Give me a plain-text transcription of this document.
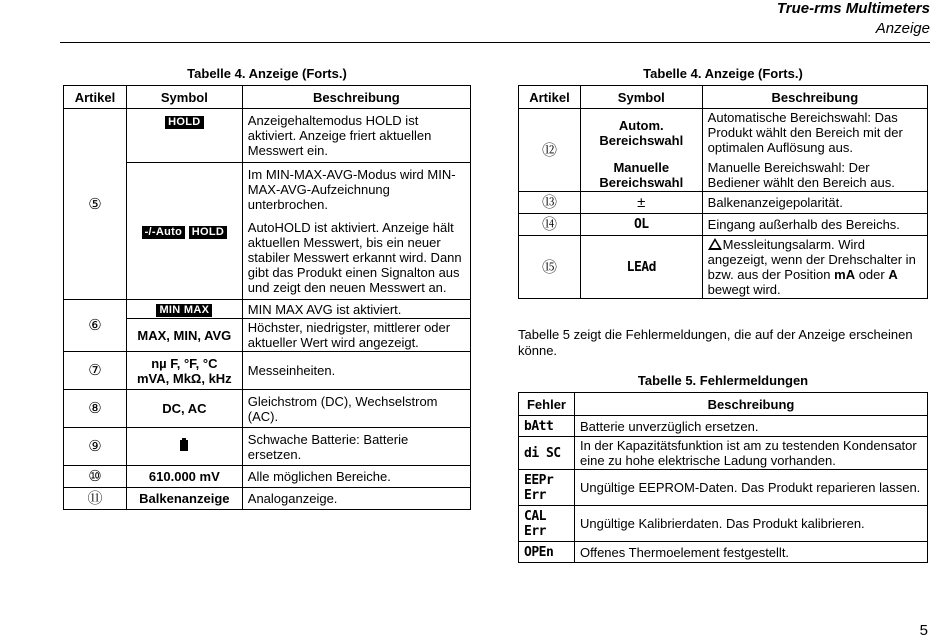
True-rms Multimeters
Anzeige
Tabelle 4. Anzeige (Forts.)
Artikel	Symbol	Beschreibung
⑤	HOLD	Anzeigehaltemodus HOLD ist aktiviert. Anzeige friert aktuellen Messwert ein.

	-/-Auto HOLD	Im MIN-MAX-AVG-Modus wird MIN-MAX-AVG-Aufzeichnung unterbrochen.

		AutoHOLD ist aktiviert. Anzeige hält aktuellen Messwert, bis ein neuer stabiler Messwert erkannt wird. Dann gibt das Produkt einen Signalton aus und zeigt den neuen Messwert an.

⑥	MIN MAX	MIN MAX AVG ist aktiviert.
	MAX, MIN, AVG	Höchster, niedrigster, mittlerer oder aktueller Wert wird angezeigt.
⑦	nµ F, °F, °C
mVA, MkΩ, kHz	Messeinheiten.
⑧	DC, AC	Gleichstrom (DC), Wechselstrom (AC).
⑨		Schwache Batterie: Batterie ersetzen.
⑩	610.000 mV	Alle möglichen Bereiche.
⑪	Balkenanzeige	Analoganzeige.
Tabelle 4. Anzeige (Forts.)
Artikel	Symbol	Beschreibung
⑫	Autom. Bereichswahl	Automatische Bereichswahl: Das Produkt wählt den Bereich mit der optimalen Auflösung aus.
	Manuelle Bereichswahl	Manuelle Bereichswahl: Der Bediener wählt den Bereich aus.
⑬	±	Balkenanzeigepolarität.
⑭	OL	Eingang außerhalb des Bereichs.
⑮	LEAd	Messleitungsalarm. Wird angezeigt, wenn der Drehschalter in bzw. aus der Position mA oder A bewegt wird.
Tabelle 5 zeigt die Fehlermeldungen, die auf der Anzeige erscheinen könne.
Tabelle 5. Fehlermeldungen
Fehler	Beschreibung
bAtt	Batterie unverzüglich ersetzen.
di SC	In der Kapazitätsfunktion ist am zu testenden Kondensator eine zu hohe elektrische Ladung vorhanden.

EEPr
Err	Ungültige EEPROM-Daten. Das Produkt reparieren lassen.

CAL
Err	Ungültige Kalibrierdaten. Das Produkt kalibrieren.
OPEn	Offenes Thermoelement festgestellt.
5
